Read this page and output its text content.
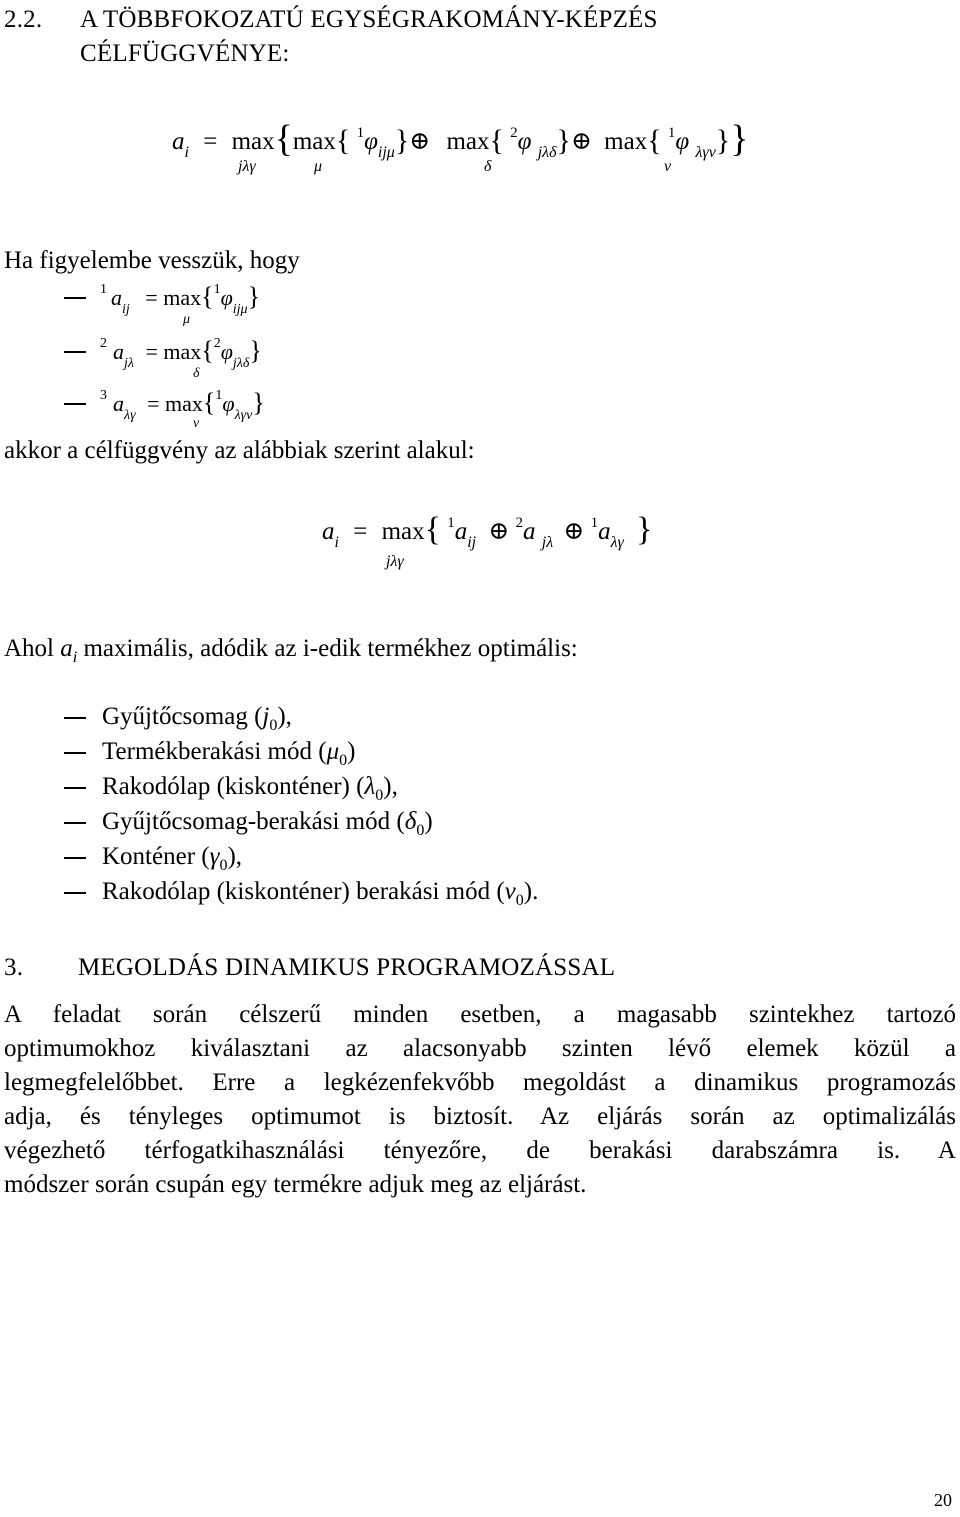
2.2. A TÖBBFOKOZATÚ EGYSÉGRAKOMÁNY-KÉPZÉS
CÉLFÜGGVÉNYE:
$a_i = \max\{\max${ $^1\varphi_{ij\mu}\}\oplus$ max{ $^2$φ $_{j\lambda\delta}$}⊕ max{ $^1$φ $_{\lambda\gamma\nu}$}}
jλγ	μ	δ	ν
Ha figyelembe vesszük, hogy
$^1$ $a_{ij} = \max\{^1\varphi_{ij\mu}\}$
μ
$^2$ $a_{j\lambda} = \max\{^2\varphi_{j\lambda\delta}\}$
δ
$^3$ $a_{\lambda\gamma} = \max\{^1\varphi_{\lambda\gamma\nu}\}$
ν
akkor a célfüggvény az alábbiak szerint alakul:
$a_i = \max${ $^1a_{ij}$ ⊕ $^2$a $_{j\lambda}$ ⊕ $^1a_{\lambda\gamma}$ }
jλγ
Ahol $a_i$ maximális, adódik az i-edik termékhez optimális:
Gyűjtőcsomag $(j_0)$,
Termékberakási mód $(\mu_0)$
Rakodólap (kiskonténer) $(\lambda_0)$,
Gyűjtőcsomag-berakási mód $(\delta_0)$
Konténer $(\gamma_0)$,
Rakodólap (kiskonténer) berakási mód $(\nu_0)$.
3. MEGOLDÁS DINAMIKUS PROGRAMOZÁSSAL
A feladat során célszerű minden esetben, a magasabb szintekhez tartozó
optimumokhoz kiválasztani az alacsonyabb szinten lévő elemek közül a
legmegfelelőbbet. Erre a legkézenfekvőbb megoldást a dinamikus programozás
adja, és tényleges optimumot is biztosít. Az eljárás során az optimalizálás
végezhető térfogatkihasználási tényezőre, de berakási darabszámra is. A
módszer során csupán egy termékre adjuk meg az eljárást.
20
